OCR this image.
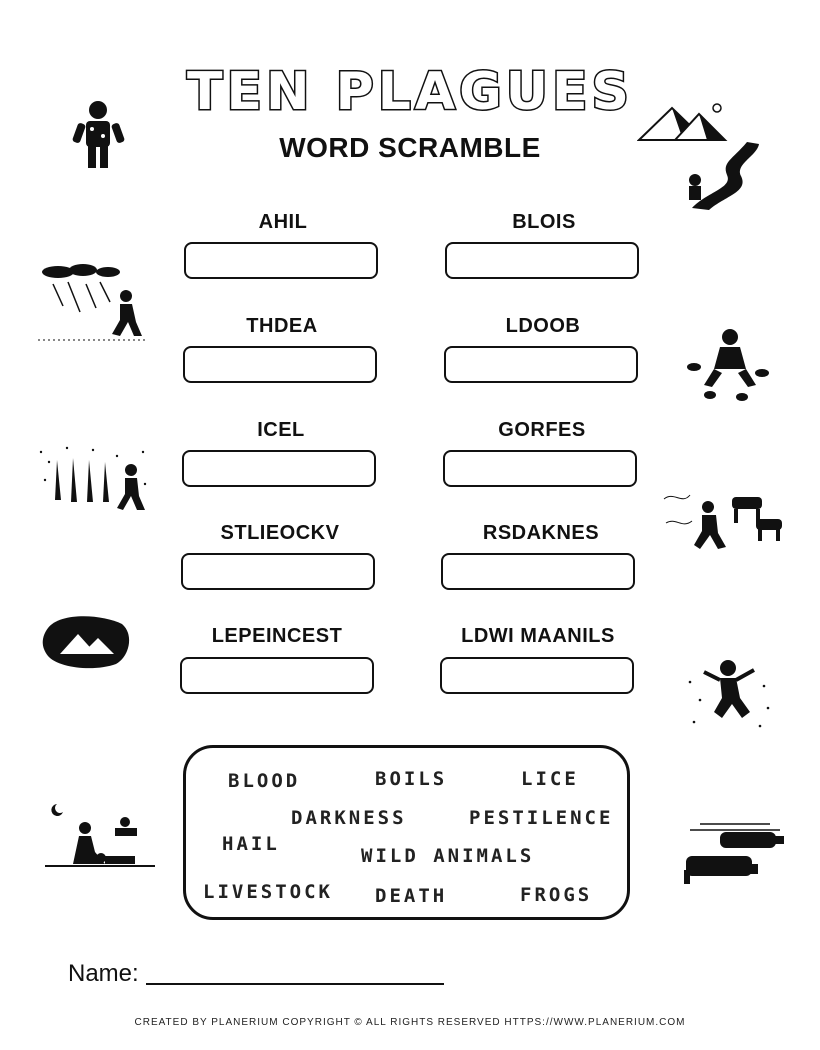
TEN PLAGUES
WORD SCRAMBLE
AHIL	BLOIS
THDEA	LDOOB
ICEL	GORFES
STLIEOCKV	RSDAKNES
LEPEINCEST	LDWI MAANILS
BLOOD	BOILS	LICE
DARKNESS	PESTILENCE
HAIL
WILD ANIMALS
LIVESTOCK DEATH	FROGS
Name:
CREATED BY PLANERIUM COPYRIGHT © ALL RIGHTS RESERVED HTTPS://WWW.PLANERIUM.COM
